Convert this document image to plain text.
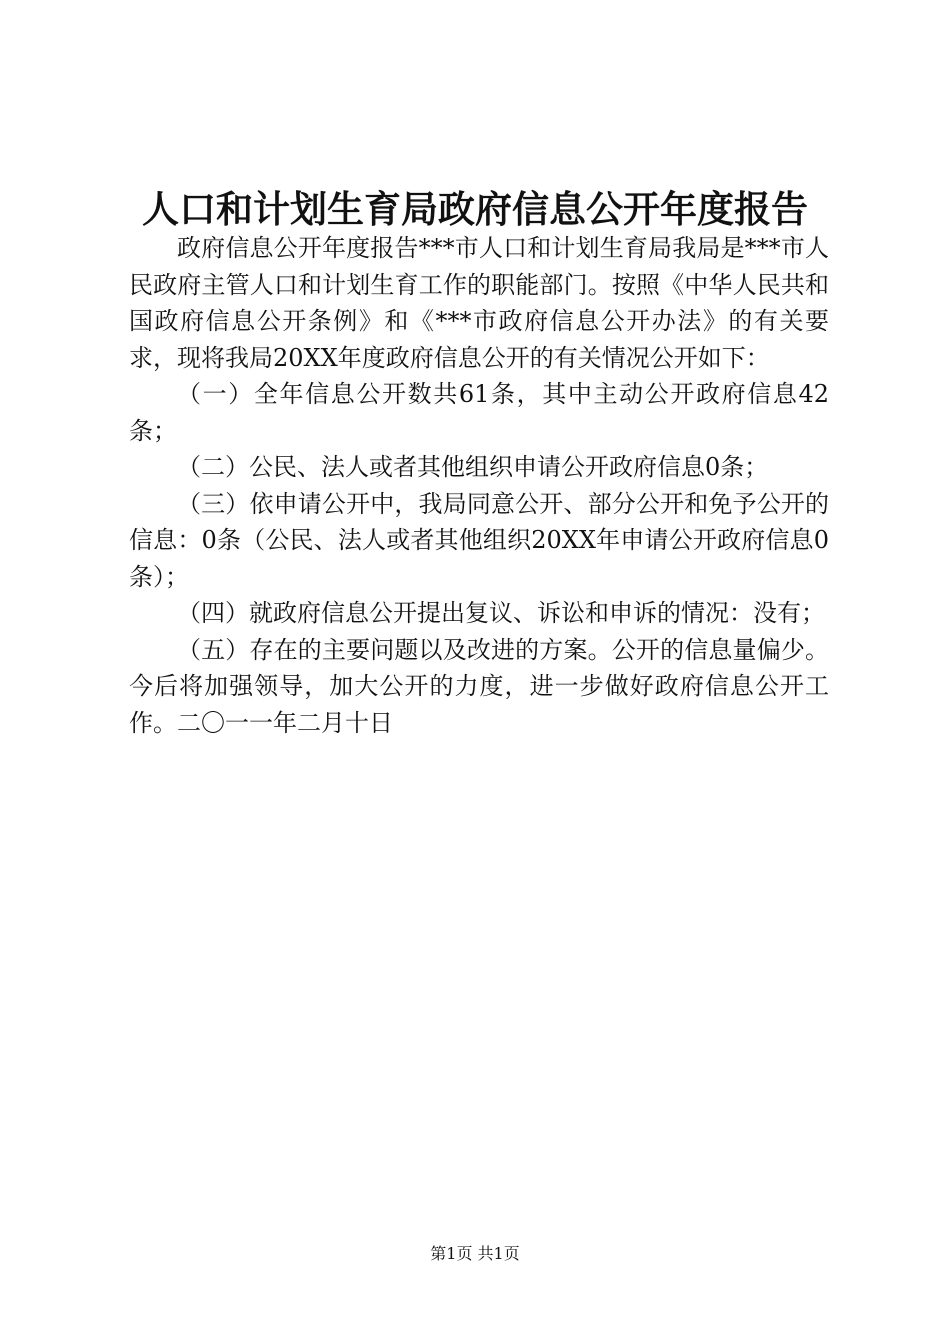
人口和计划生育局政府信息公开年度报告

政府信息公开年度报告***市人口和计划生育局我局是***市人民政府主管人口和计划生育工作的职能部门。按照《中华人民共和国政府信息公开条例》和《***市政府信息公开办法》的有关要求，现将我局20XX年度政府信息公开的有关情况公开如下：

（一）全年信息公开数共61条，其中主动公开政府信息42条；

（二）公民、法人或者其他组织申请公开政府信息0条；

（三）依申请公开中，我局同意公开、部分公开和免予公开的信息：0条（公民、法人或者其他组织20XX年申请公开政府信息0条）；

（四）就政府信息公开提出复议、诉讼和申诉的情况：没有；

（五）存在的主要问题以及改进的方案。公开的信息量偏少。今后将加强领导，加大公开的力度，进一步做好政府信息公开工作。二〇一一年二月十日

第1页 共1页
